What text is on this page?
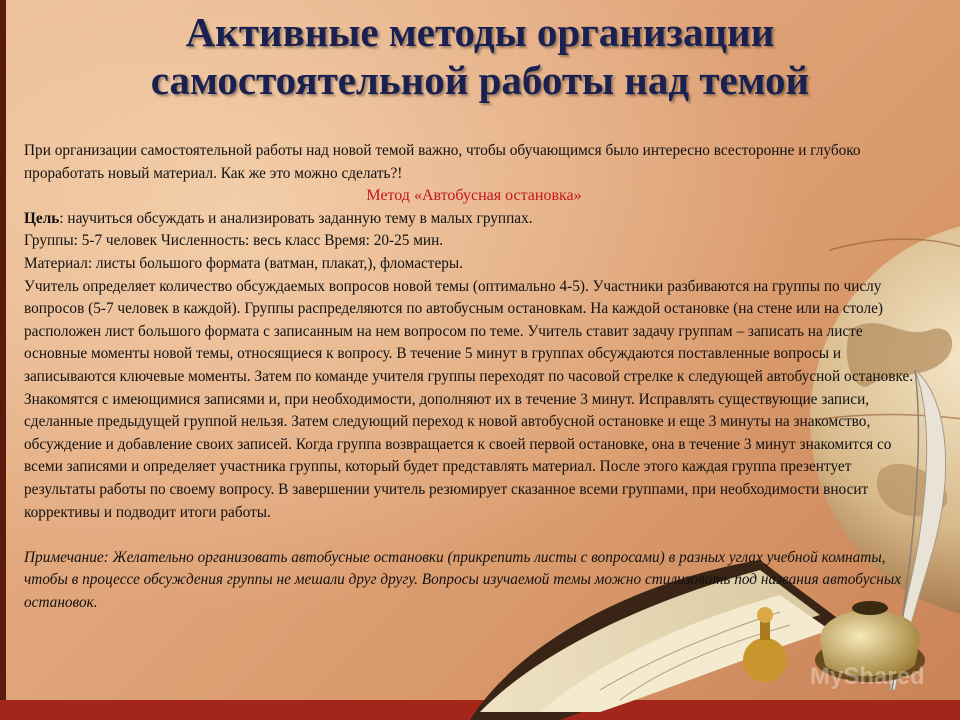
Активные методы организации
самостоятельной работы над темой

При организации самостоятельной работы над новой темой важно, чтобы обучающимся было интересно всесторонне и глубоко проработать новый материал. Как же это можно сделать?!

Метод «Автобусная остановка»

Цель: научиться обсуждать и анализировать заданную тему в малых группах.

Группы: 5-7 человек Численность: весь класс Время: 20-25 мин.

Материал: листы большого формата (ватман, плакат,), фломастеры.

Учитель определяет количество обсуждаемых вопросов новой темы (оптимально 4-5). Участники разбиваются на группы по числу вопросов (5-7 человек в каждой). Группы распределяются по автобусным остановкам. На каждой остановке (на стене или на столе) расположен лист большого формата с записанным на нем вопросом по теме. Учитель ставит задачу группам – записать на листе основные моменты новой темы, относящиеся к вопросу. В течение 5 минут в группах обсуждаются поставленные вопросы и записываются ключевые моменты. Затем по команде учителя группы переходят по часовой стрелке к следующей автобусной остановке. Знакомятся с имеющимися записями и, при необходимости, дополняют их в течение 3 минут. Исправлять существующие записи, сделанные предыдущей группой нельзя. Затем следующий переход к новой автобусной остановке и еще 3 минуты на знакомство, обсуждение и добавление своих записей. Когда группа возвращается к своей первой остановке, она в течение 3 минут знакомится со всеми записями и определяет участника группы, который будет представлять материал. После этого каждая группа презентует результаты работы по своему вопросу. В завершении учитель резюмирует сказанное всеми группами, при необходимости вносит коррективы и подводит итоги работы.

Примечание: Желательно организовать автобусные остановки (прикрепить листы с вопросами) в разных углах учебной комнаты, чтобы в процессе обсуждения группы не мешали друг другу. Вопросы изучаемой темы можно стилизовать под названия автобусных остановок.

MyShared
